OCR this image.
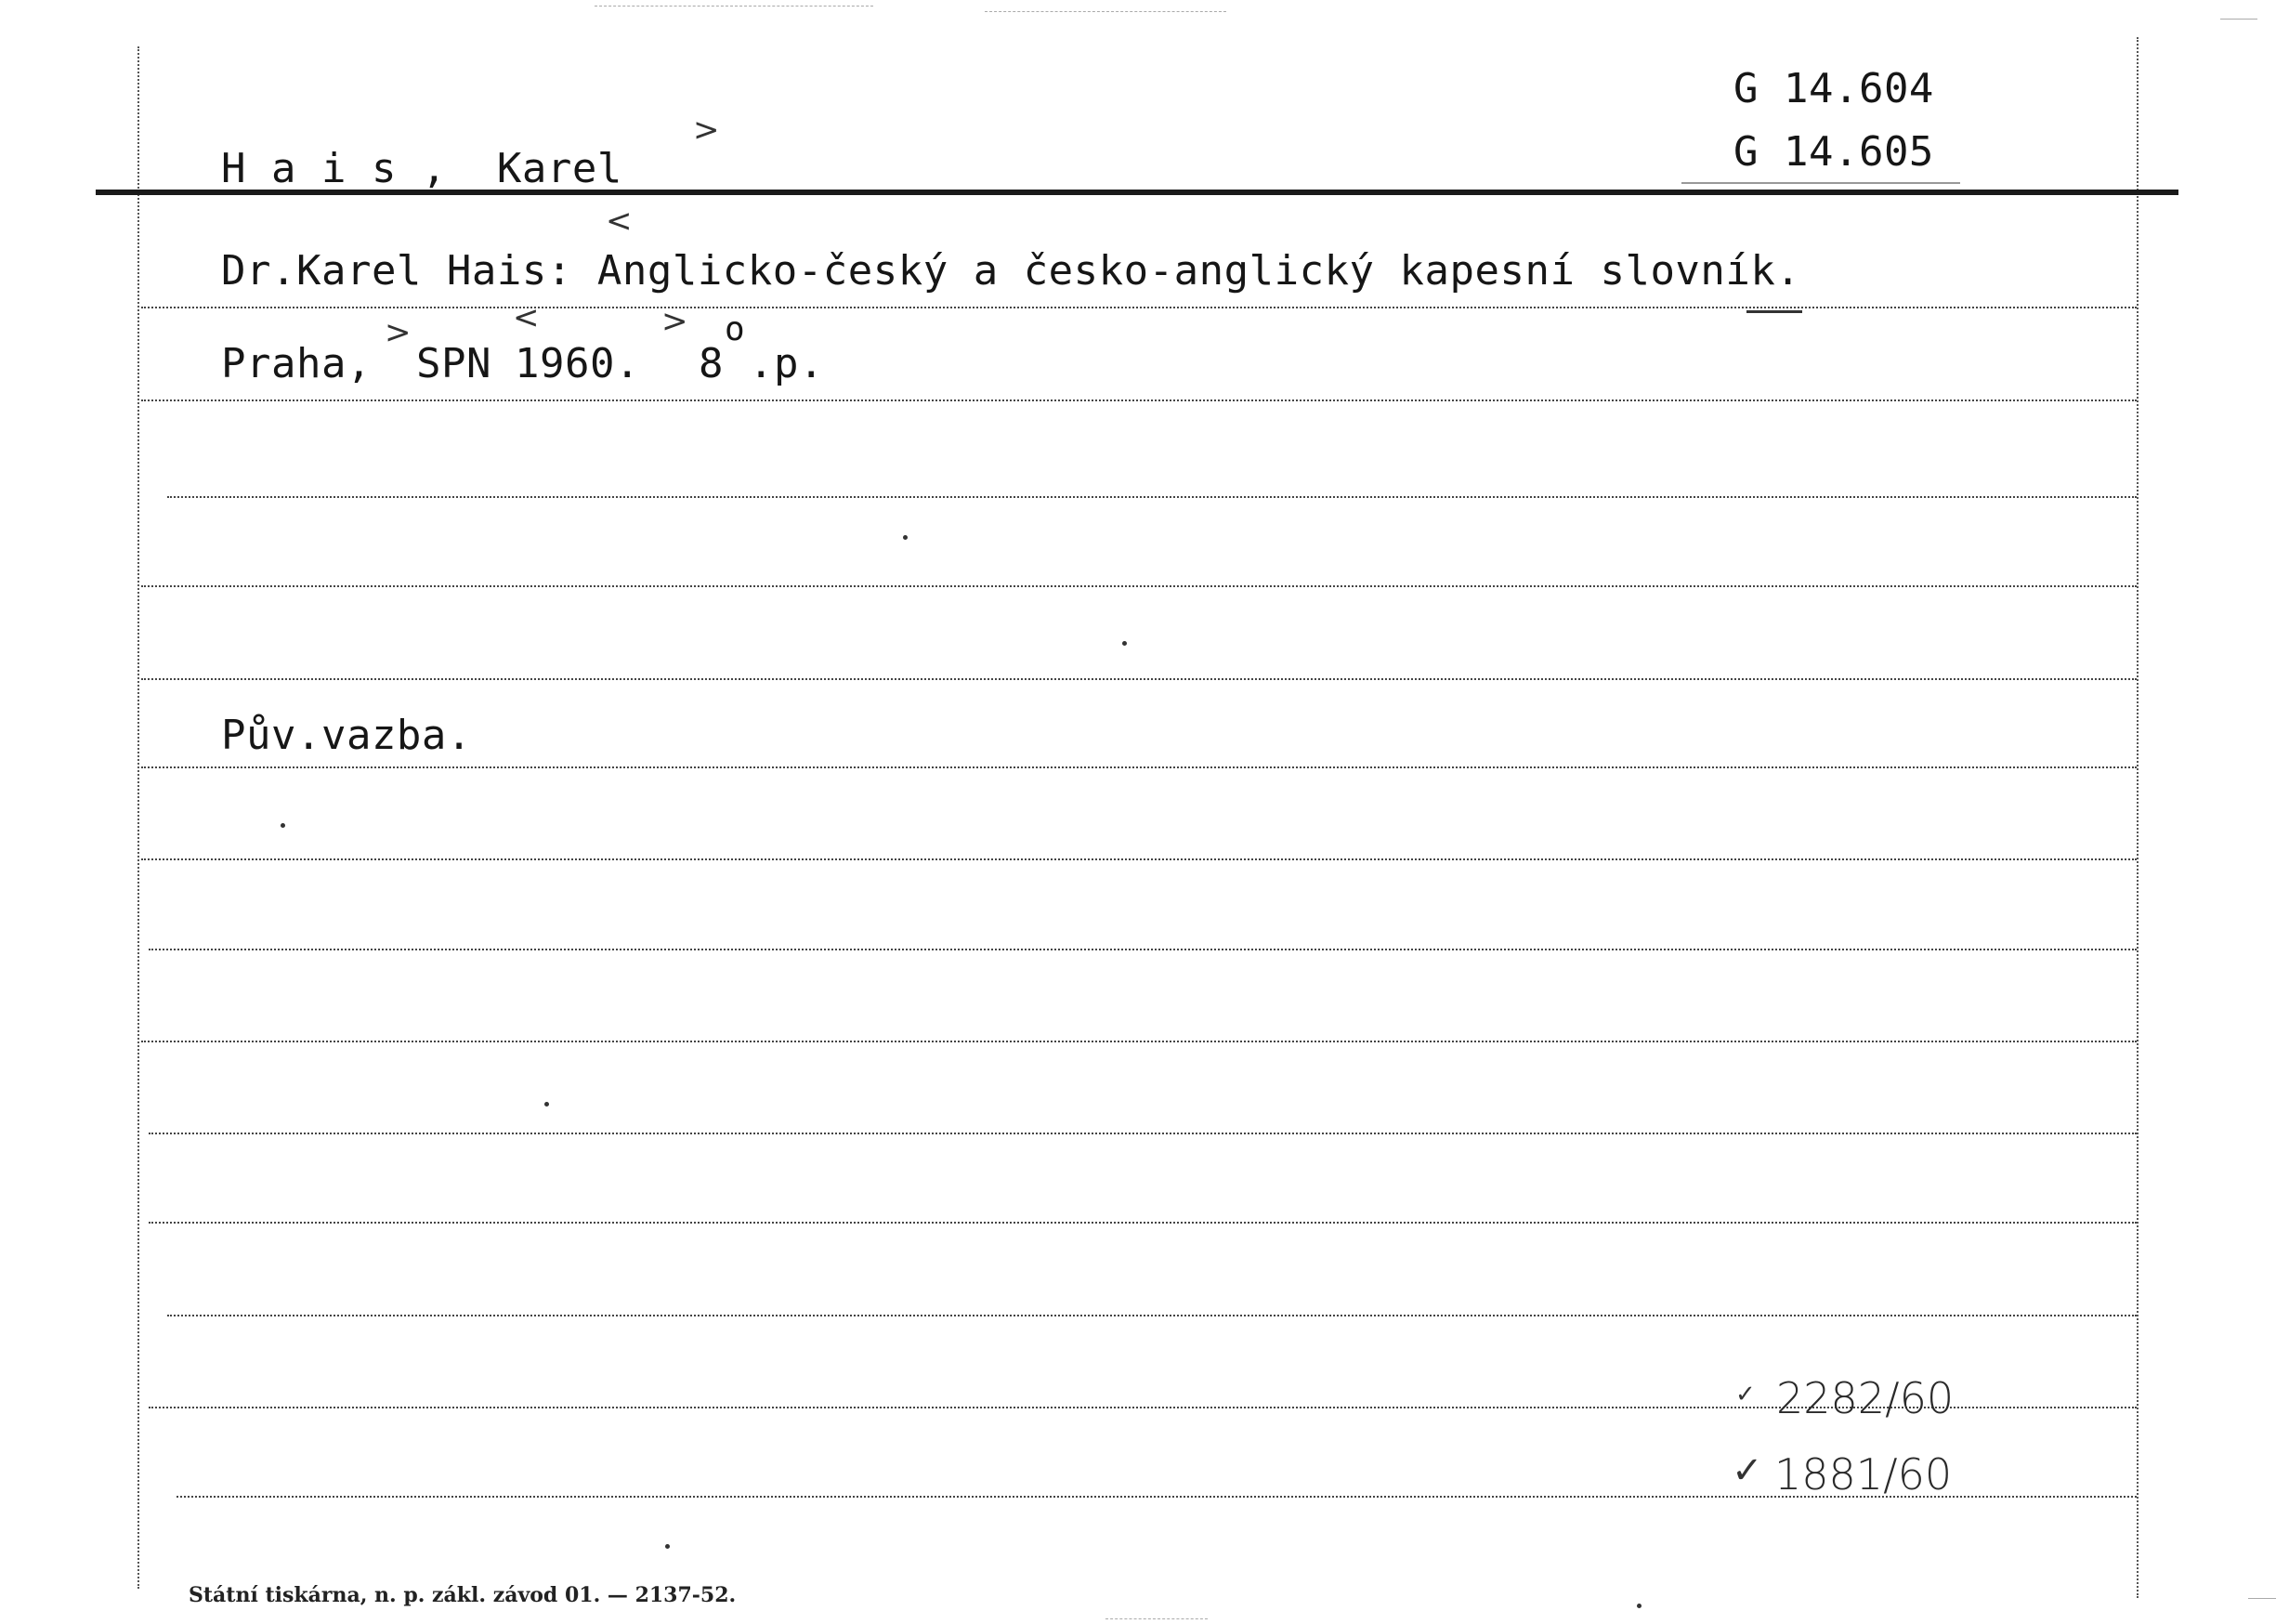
G 14.604
G 14.605
H a i s ,  Karel
>
<
Dr.Karel Hais: Anglicko-český a česko-anglický kapesní slovník.
Praha,
>
SPN
<
1960.
>
8
o
.p.
Pův.vazba.
✓ 2282/60
✓ 1881/60
Státní tiskárna, n. p. zákl. závod 01. — 2137-52.
